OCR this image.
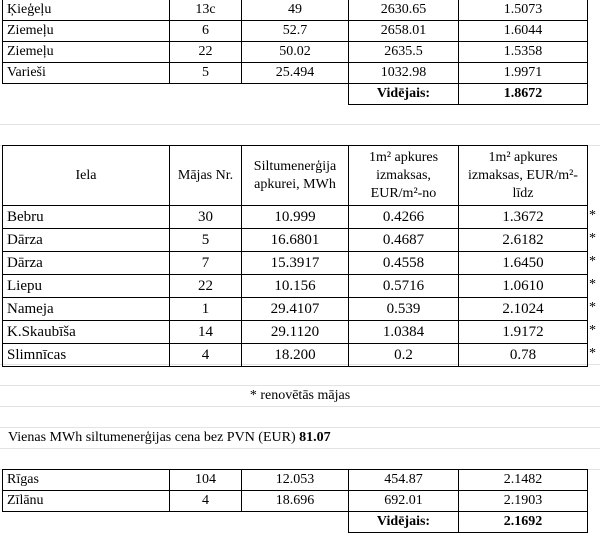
Ķieģeļu	13c	49	2630.65	1.5073
Ziemeļu	6	52.7	2658.01	1.6044
Ziemeļu	22	50.02	2635.5	1.5358
Varieši	5	25.494	1032.98	1.9971
			Vidējais:	1.8672
Iela	Mājas Nr.	Siltumenerģija apkurei, MWh	1m² apkures izmaksas, EUR/m²-no	1m² apkures izmaksas, EUR/m²-līdz
Bebru	30	10.999	0.4266	1.3672
Dārza	5	16.6801	0.4687	2.6182
Dārza	7	15.3917	0.4558	1.6450
Liepu	22	10.156	0.5716	1.0610
Nameja	1	29.4107	0.539	2.1024
K.Skaubīša	14	29.1120	1.0384	1.9172
Slimnīcas	4	18.200	0.2	0.78
*
*
*
*
*
*
*
* renovētās mājas
Vienas MWh siltumenerģijas cena bez PVN (EUR) 81.07
Rīgas	104	12.053	454.87	2.1482
Zīlānu	4	18.696	692.01	2.1903
			Vidējais:	2.1692
